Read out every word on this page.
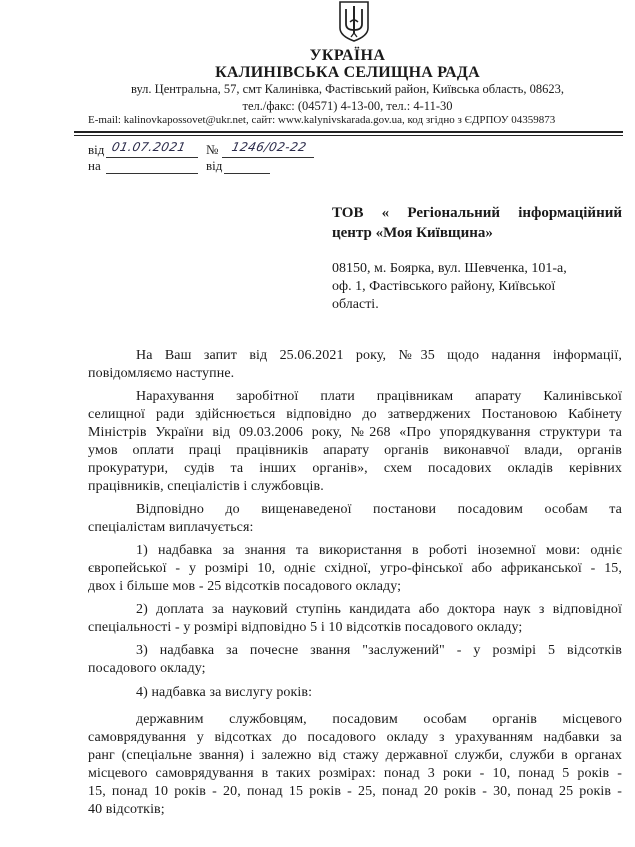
УКРАЇНА
КАЛИНІВСЬКА СЕЛИЩНА РАДА
вул. Центральна, 57, смт Калинівка, Фастівський район, Київська область, 08623,
тел./факс: (04571) 4-13-00, тел.: 4-11-30
E-mail: kalinovkapossovet@ukr.net, сайт: www.kalynivskarada.gov.ua, код згідно з ЄДРПОУ 04359873
від 01.07.2021 № 1246/02-22
на	від
ТОВ « Регіональний інформаційний
центр «Моя Київщина»
08150, м. Боярка, вул. Шевченка, 101-а,
оф. 1, Фастівського району, Київської
області.
На Ваш запит від 25.06.2021 року, №35 щодо надання інформації,
повідомляємо наступне.
Нарахування заробітної плати працівникам апарату Калинівської
селищної ради здійснюється відповідно до затверджених Постановою Кабінету
Міністрів України від 09.03.2006 року, №268 «Про упорядкування структури та
умов оплати праці працівників апарату органів виконавчої влади, органів
прокуратури, судів та інших органів», схем посадових окладів керівних
працівників, спеціалістів і службовців.
Відповідно до вищенаведеної постанови посадовим особам та
спеціалістам виплачується:
1) надбавка за знання та використання в роботі іноземної мови: одніє
європейської - у розмірі 10, одніє східної, угро-фінської або африканської - 15,
двох і більше мов - 25 відсотків посадового окладу;
2) доплата за науковий ступінь кандидата або доктора наук з відповідної
спеціальності - у розмірі відповідно 5 і 10 відсотків посадового окладу;
3) надбавка за почесне звання "заслужений" - у розмірі 5 відсотків
посадового окладу;
4) надбавка за вислугу років:
державним службовцям, посадовим особам органів місцевого
самоврядування у відсотках до посадового окладу з урахуванням надбавки за
ранг (спеціальне звання) і залежно від стажу державної служби, служби в органах
місцевого самоврядування в таких розмірах: понад 3 роки - 10, понад 5 років -
15, понад 10 років - 20, понад 15 років - 25, понад 20 років - 30, понад 25 років -
40 відсотків;
